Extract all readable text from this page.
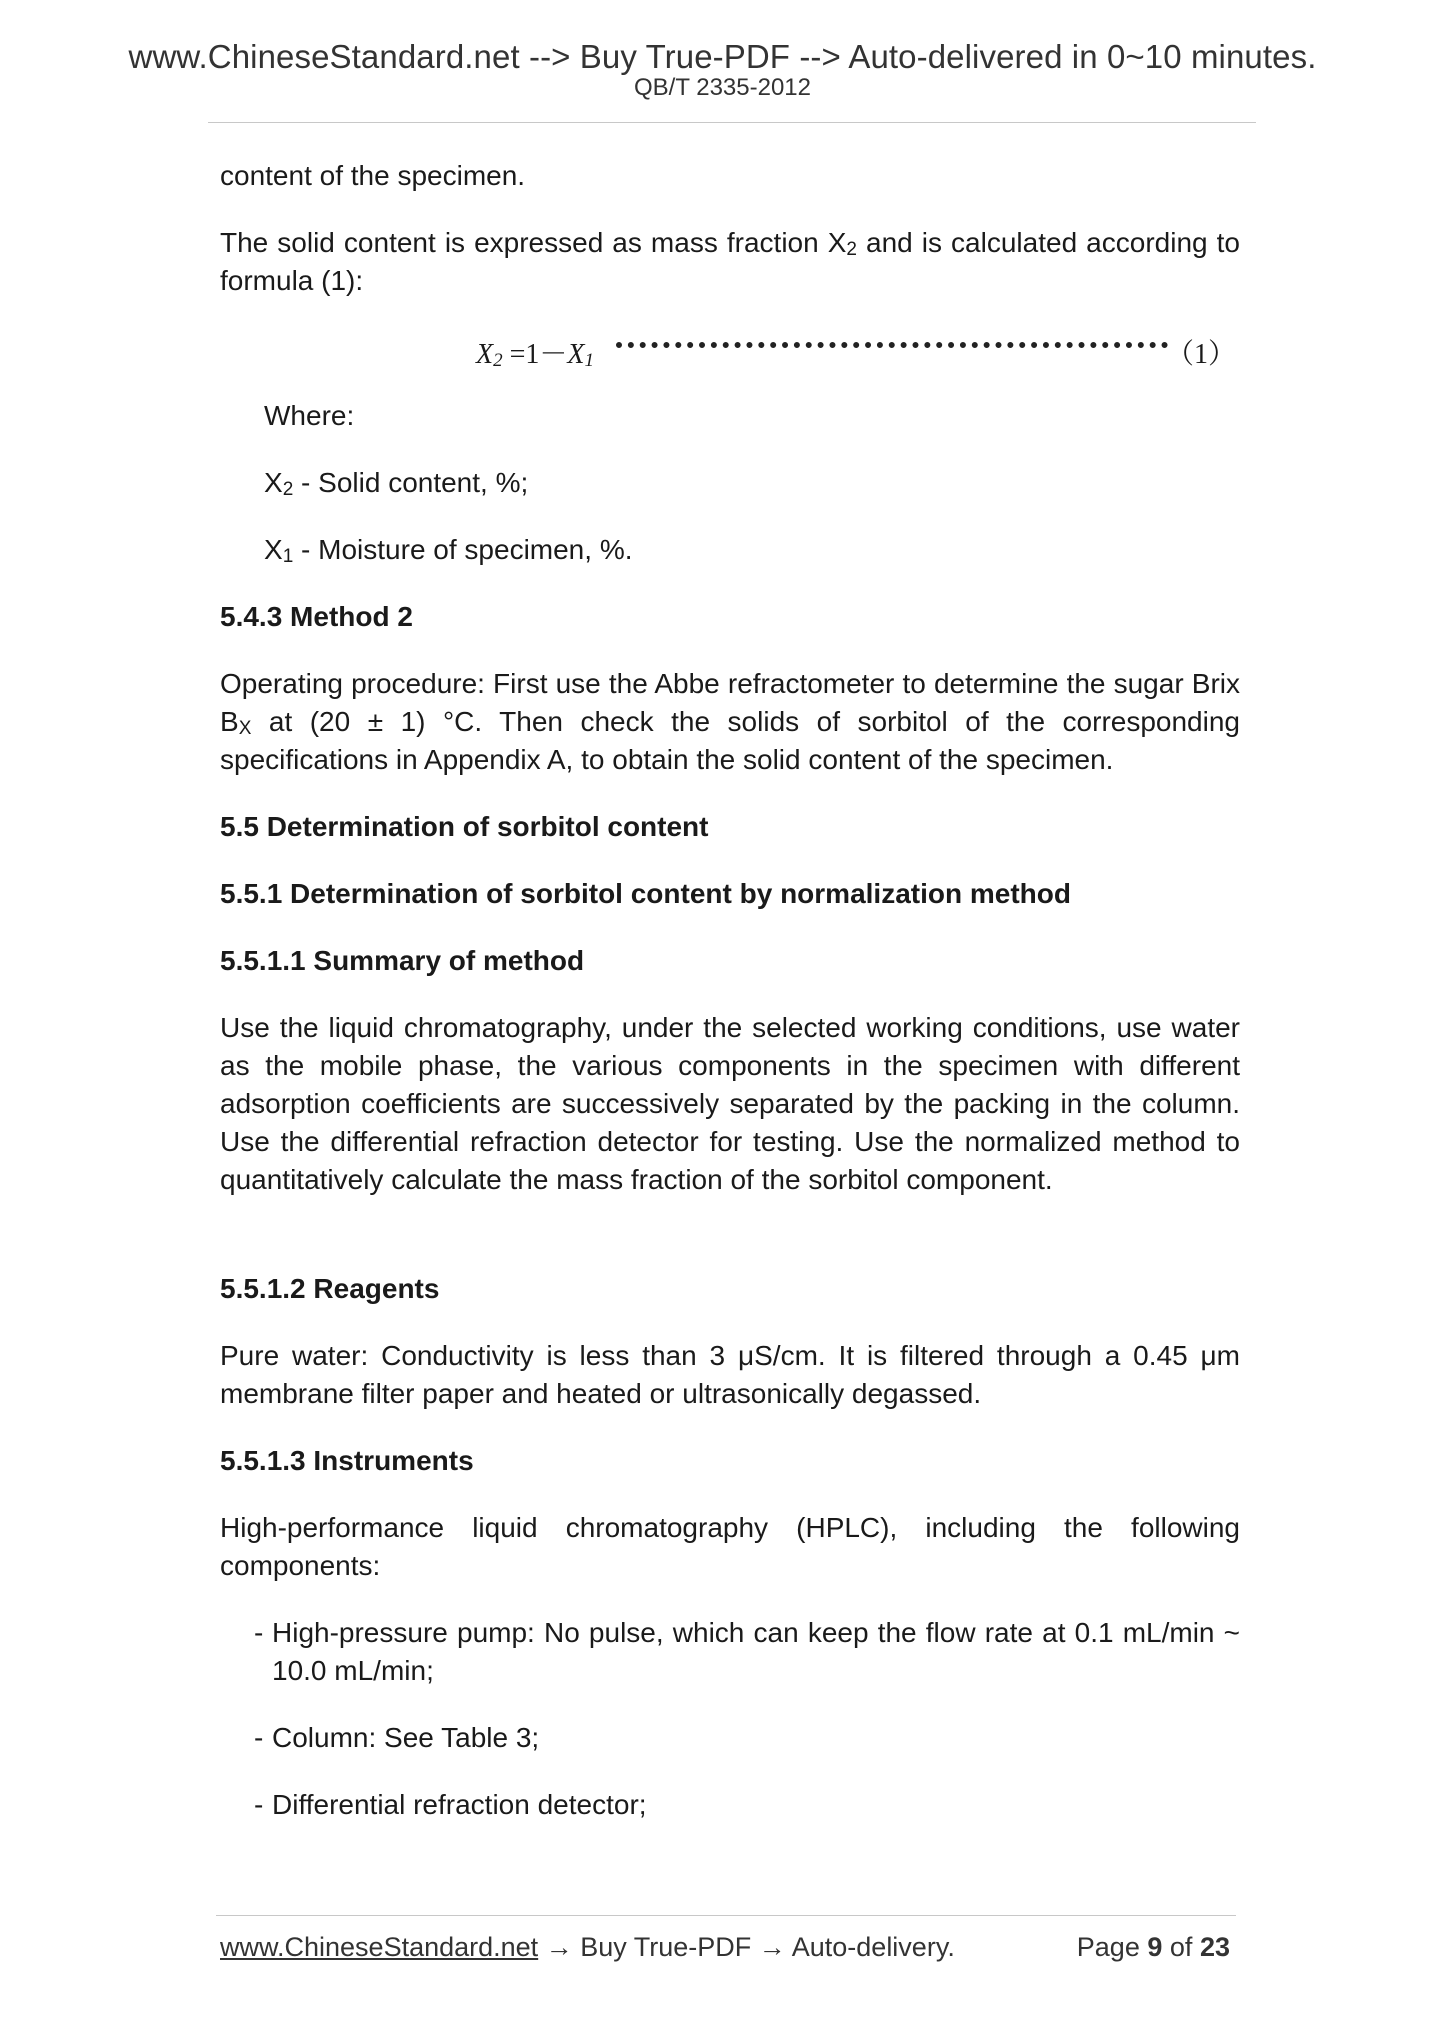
www.ChineseStandard.net --> Buy True-PDF --> Auto-delivered in 0~10 minutes.
QB/T 2335-2012
content of the specimen.
The solid content is expressed as mass fraction $X_2$ and is calculated according to formula (1):
$X_2 =1-X_1$	（1）
Where:
$X_2$ - Solid content, %;
$X_1$ - Moisture of specimen, %.
5.4.3 Method 2
Operating procedure: First use the Abbe refractometer to determine the sugar Brix $B_X$ at (20 ± 1) °C. Then check the solids of sorbitol of the corresponding specifications in Appendix A, to obtain the solid content of the specimen.
5.5 Determination of sorbitol content
5.5.1 Determination of sorbitol content by normalization method
5.5.1.1 Summary of method
Use the liquid chromatography, under the selected working conditions, use water as the mobile phase, the various components in the specimen with different adsorption coefficients are successively separated by the packing in the column. Use the differential refraction detector for testing. Use the normalized method to quantitatively calculate the mass fraction of the sorbitol component.
5.5.1.2 Reagents
Pure water: Conductivity is less than 3 μS/cm. It is filtered through a 0.45 μm membrane filter paper and heated or ultrasonically degassed.
5.5.1.3 Instruments
High-performance liquid chromatography (HPLC), including the following components:
- High-pressure pump: No pulse, which can keep the flow rate at 0.1 mL/min ~ 10.0 mL/min;
- Column: See Table 3;
- Differential refraction detector;
www.ChineseStandard.net → Buy True-PDF → Auto-delivery.	Page 9 of 23
